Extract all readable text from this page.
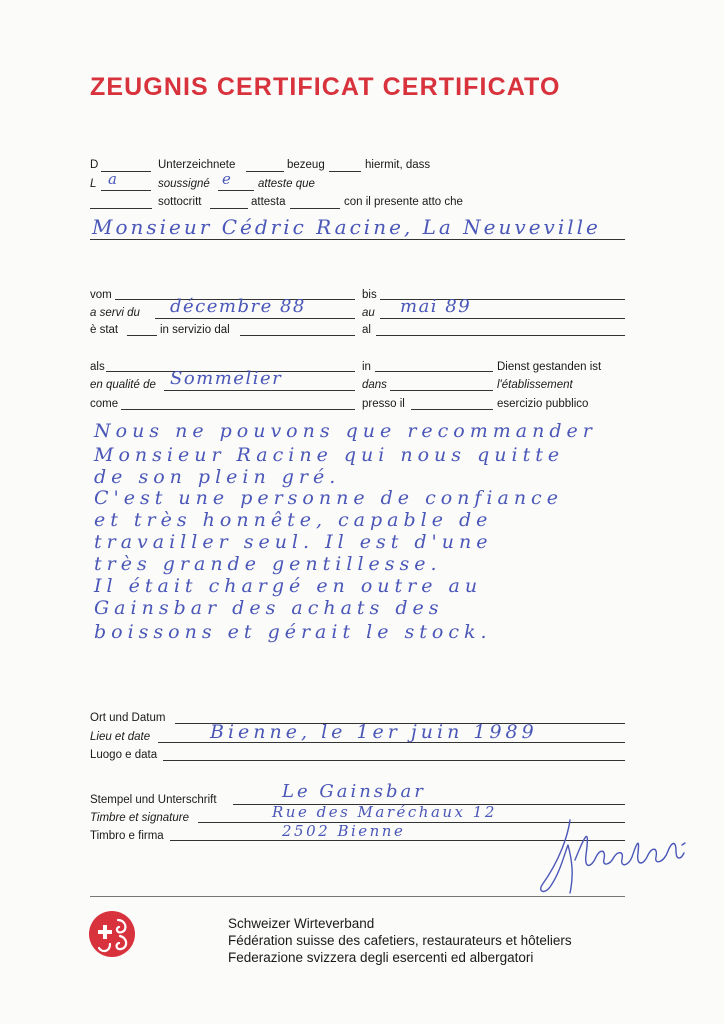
ZEUGNIS CERTIFICAT CERTIFICATO
D	Unterzeichnete	bezeug	hiermit, dass
L a	soussigné e atteste que
sottocritt	attesta	con il presente atto che
Monsieur Cédric Racine, La Neuveville
vom	bis
a servi du décembre 88	au mai 89
è stat	in servizio dal	al
als	in	Dienst gestanden ist
en qualité de Sommelier	dans	l'établissement
come	presso il	esercizio pubblico
Nous ne pouvons que recommander
Monsieur Racine qui nous quitte
de son plein gré.
C'est une personne de confiance
et très honnête, capable de
travailler seul. Il est d'une
très grande gentillesse.
Il était chargé en outre au
Gainsbar des achats des
boissons et gérait le stock.
Ort und Datum
Lieu et date	Bienne, le 1er juin 1989
Luogo e data
Stempel und Unterschrift	Le Gainsbar
Timbre et signature	Rue des Maréchaux 12
Timbro e firma	2502 Bienne
Schweizer Wirteverband
Fédération suisse des cafetiers, restaurateurs et hôteliers
Federazione svizzera degli esercenti ed albergatori
